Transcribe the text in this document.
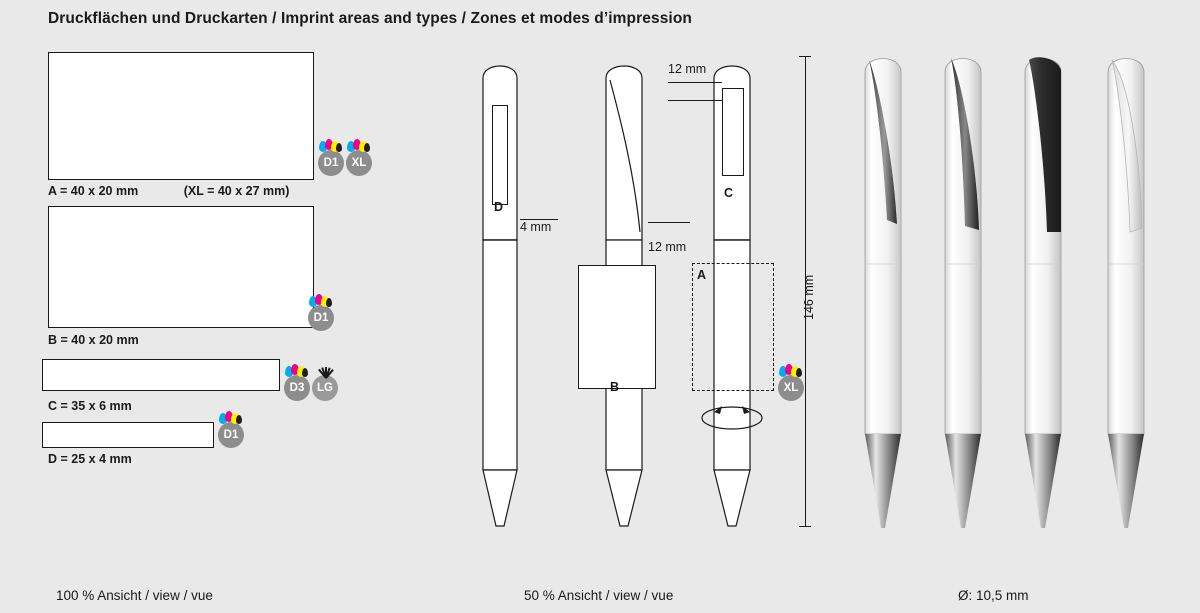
Druckflächen und Druckarten / Imprint areas and types / Zones et modes d’impression
A = 40 x 20 mm	(XL = 40 x 27 mm)
D1 XL
B = 40 x 20 mm
D1
C = 35 x 6 mm
D3 LG
D = 25 x 4 mm
D1
D
4 mm
B
12 mm
C
12 mm
A
XL
146 mm
100 % Ansicht / view / vue	50 % Ansicht / view / vue	Ø: 10,5 mm
